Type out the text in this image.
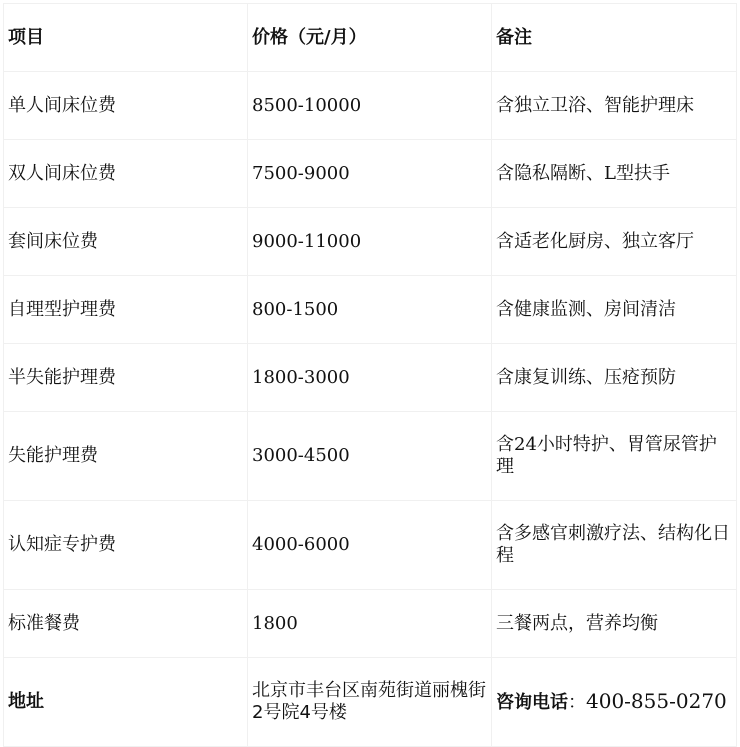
项目	价格（元/月）	备注
单人间床位费	8500-10000	含独立卫浴、智能护理床
双人间床位费	7500-9000	含隐私隔断、L型扶手
套间床位费	9000-11000	含适老化厨房、独立客厅
自理型护理费	800-1500	含健康监测、房间清洁
半失能护理费	1800-3000	含康复训练、压疮预防
失能护理费	3000-4500	含24小时特护、胃管尿管护理
认知症专护费	4000-6000	含多感官刺激疗法、结构化日程
标准餐费	1800	三餐两点，营养均衡
地址	北京市丰台区南苑街道丽槐街2号院4号楼	咨询电话：400-855-0270
